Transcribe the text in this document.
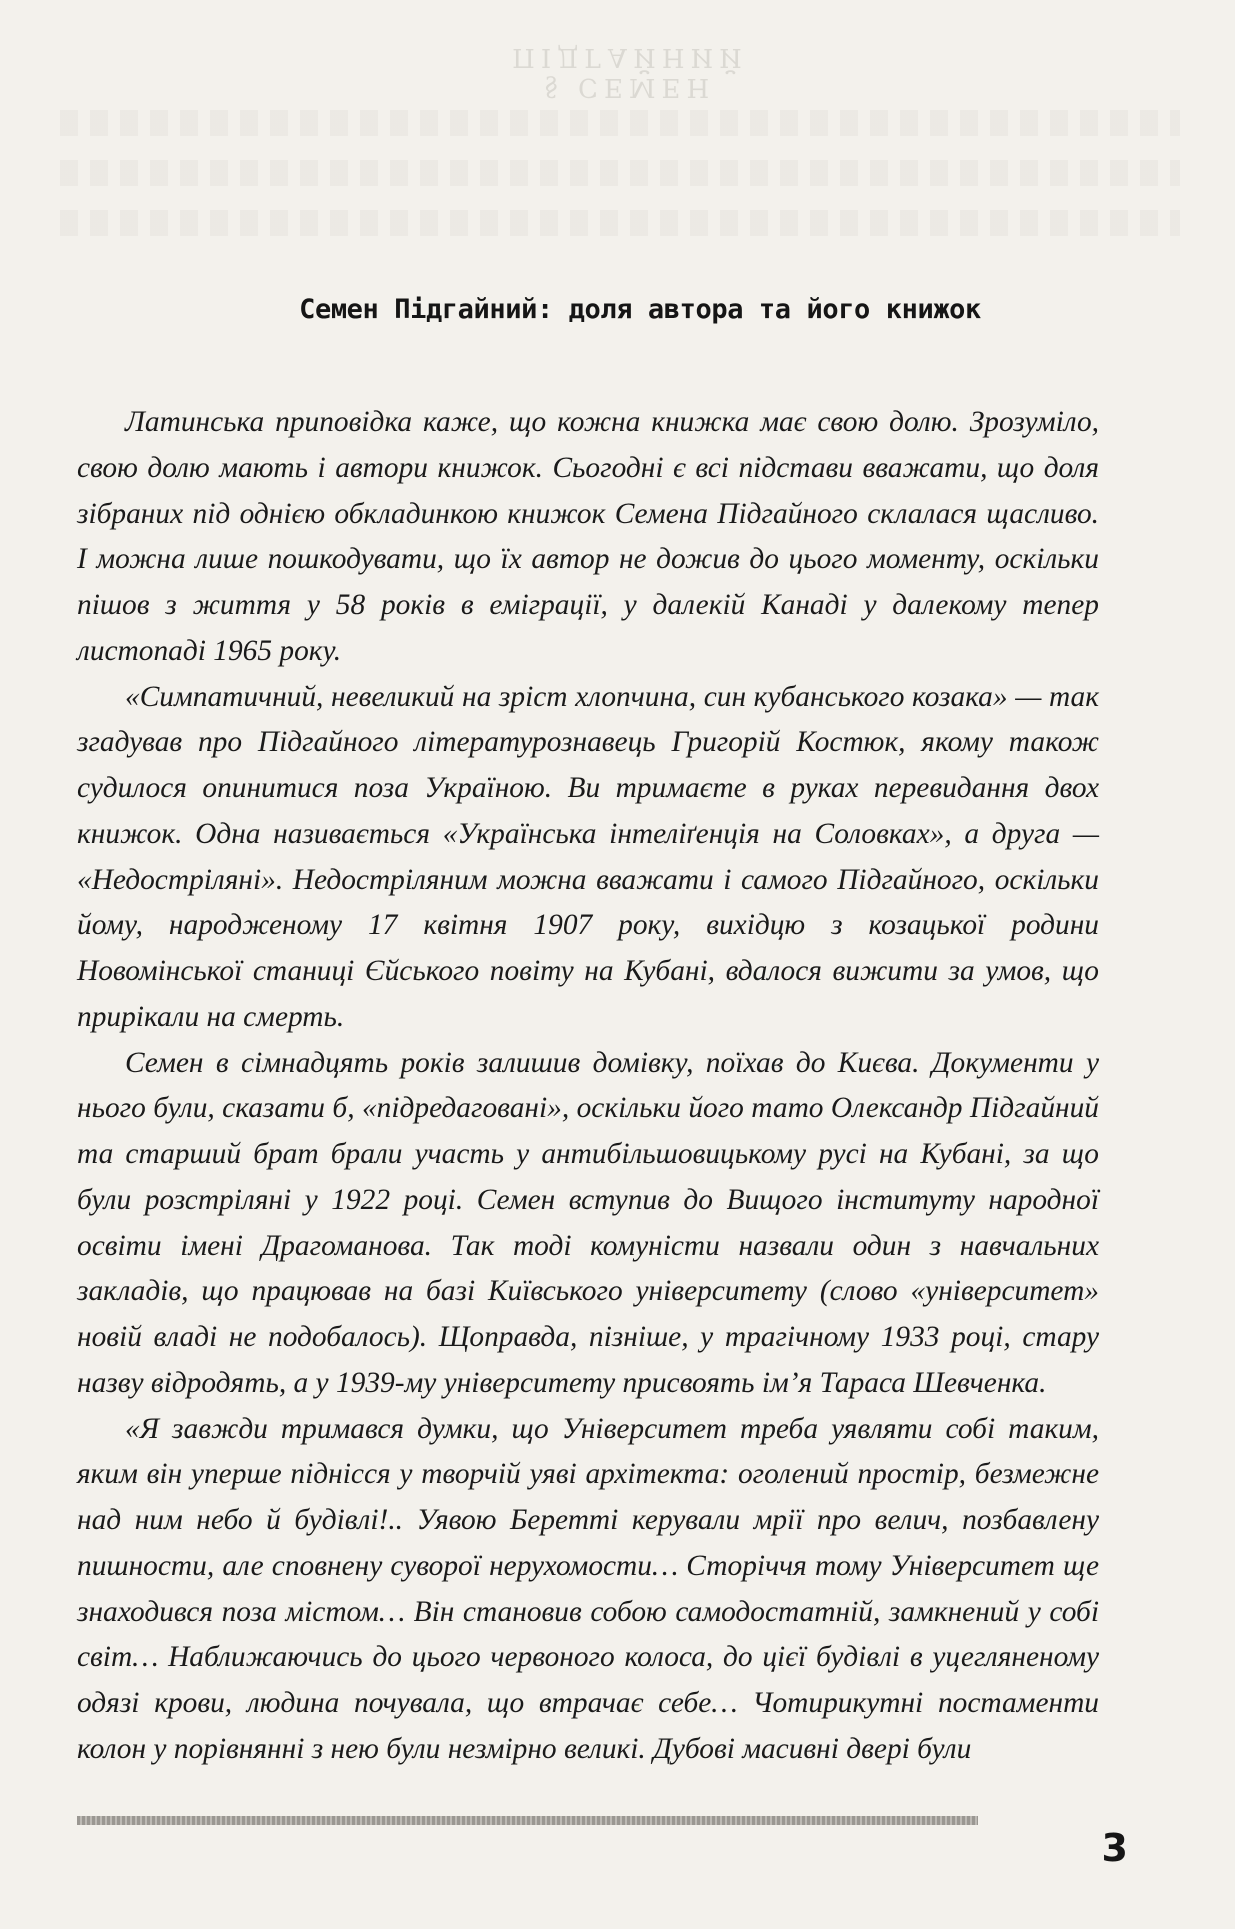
§ СЕМЕН ПІДГАЙНИЙ
Семен Підгайний: доля автора та його книжок

Латинська приповідка каже, що кожна книжка має свою долю. Зрозуміло, свою долю мають і автори книжок. Сьогодні є всі підстави вважати, що доля зібраних під однією обкладинкою книжок Семена Підгайного склалася щасливо. І можна лише пошкодувати, що їх автор не дожив до цього моменту, оскільки пішов з життя у 58 років в еміграції, у далекій Канаді у далекому тепер листопаді 1965 року.

«Симпатичний, невеликий на зріст хлопчина, син кубанського козака» — так згадував про Підгайного літературознавець Григорій Костюк, якому також судилося опинитися поза Україною. Ви тримаєте в руках перевидання двох книжок. Одна називається «Українська інтеліґенція на Соловках», а друга — «Недостріляні». Недостріляним можна вважати і самого Підгайного, оскільки йому, народженому 17 квітня 1907 року, вихідцю з козацької родини Новомінської станиці Єйського повіту на Кубані, вдалося вижити за умов, що прирікали на смерть.

Семен в сімнадцять років залишив домівку, поїхав до Києва. Документи у нього були, сказати б, «підредаговані», оскільки його тато Олександр Підгайний та старший брат брали участь у антибільшовицькому русі на Кубані, за що були розстріляні у 1922 році. Семен вступив до Вищого інституту народної освіти імені Драгоманова. Так тоді комуністи назвали один з навчальних закладів, що працював на базі Київського університету (слово «університет» новій владі не подобалось). Щоправда, пізніше, у трагічному 1933 році, стару назву відродять, а у 1939-му університету присвоять ім’я Тараса Шевченка.

«Я завжди тримався думки, що Університет треба уявляти собі таким, яким він уперше піднісся у творчій уяві архітекта: оголений простір, безмежне над ним небо й будівлі!.. Уявою Беретті керували мрії про велич, позбавлену пишности, але сповнену суворої нерухомости… Сторіччя тому Університет ще знаходився поза містом… Він становив собою самодостатній, замкнений у собі світ… Наближаючись до цього червоного колоса, до цієї будівлі в уцегляненому одязі крови, людина почувала, що втрачає себе… Чотирикутні постаменти колон у порівнянні з нею були незмірно великі. Дубові масивні двері були

3
